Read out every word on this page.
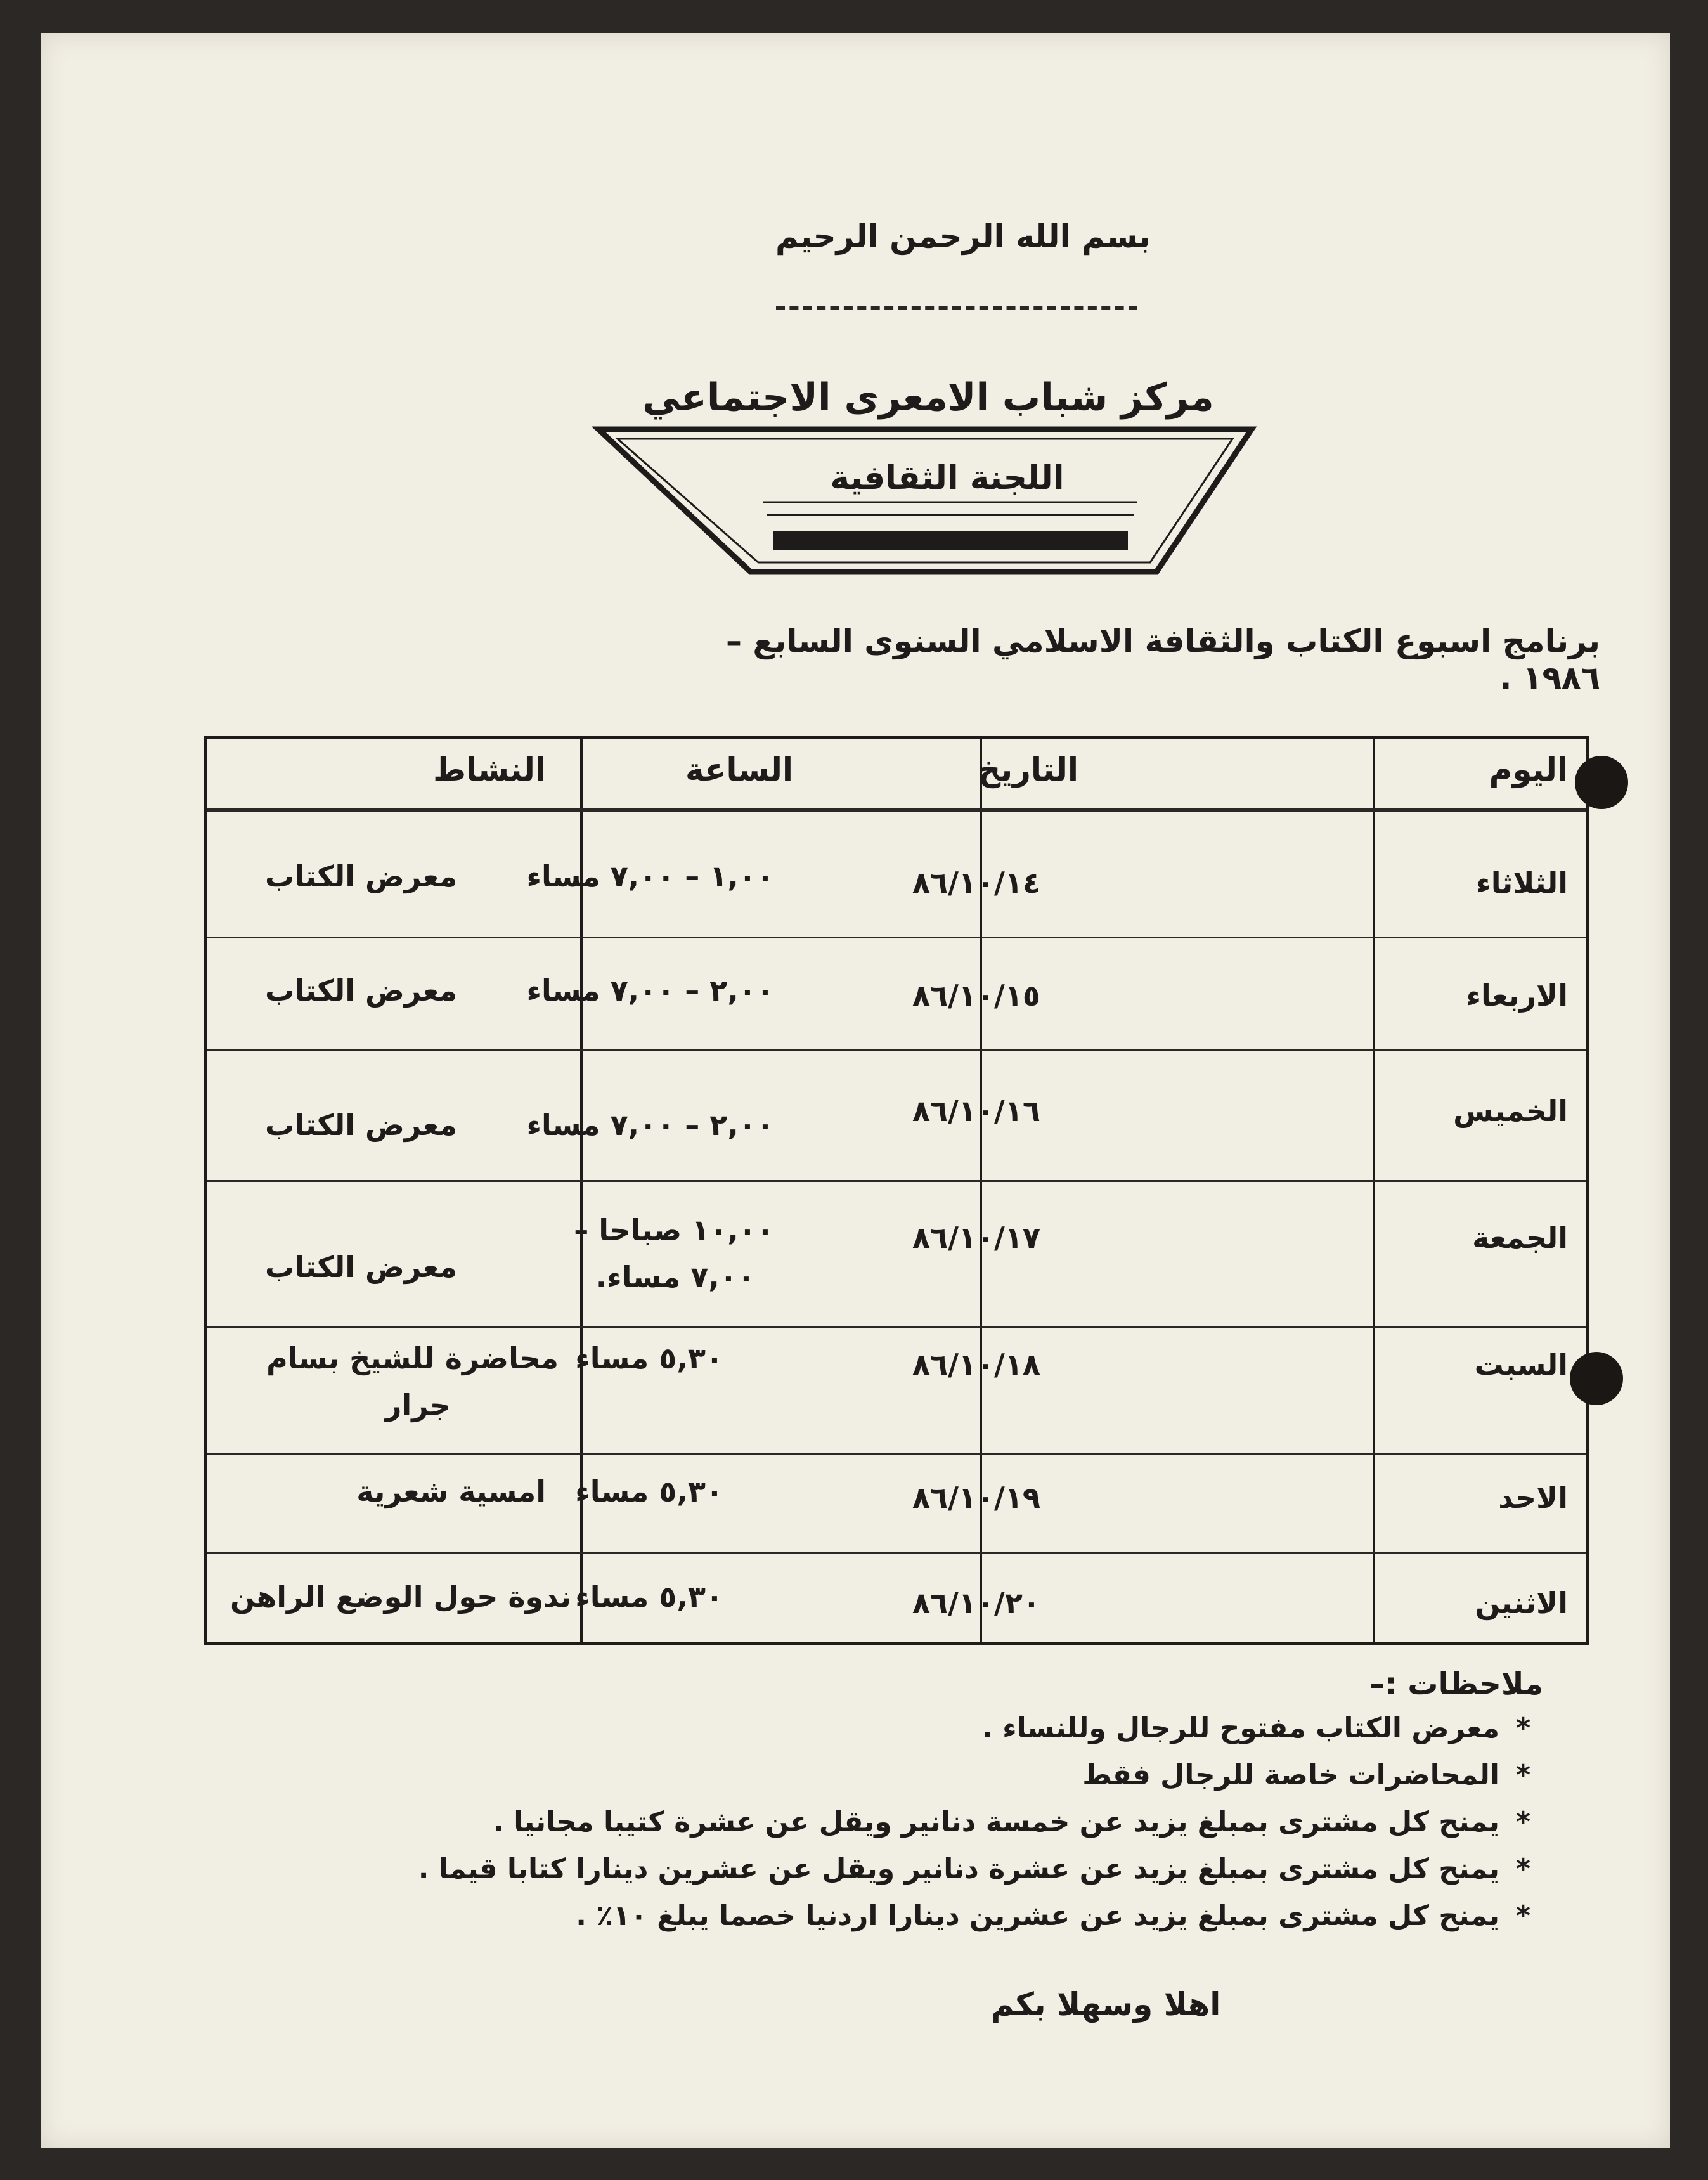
بسم الله الرحمن الرحيم
مركز شباب الامعرى الاجتماعي
اللجنة الثقافية
برنامج اسبوع الكتاب والثقافة الاسلامي السنوى السابع – ١٩٨٦ .
اليوم
التاريخ
الساعة
النشاط
الثلاثاء
٨٦/١٠/١٤
١,٠٠ – ٧,٠٠ مساء
معرض الكتاب
الاربعاء
٨٦/١٠/١٥
٢,٠٠ – ٧,٠٠ مساء
معرض الكتاب
الخميس
٨٦/١٠/١٦
٢,٠٠ – ٧,٠٠ مساء
معرض الكتاب
الجمعة
٨٦/١٠/١٧
١٠,٠٠ صباحا –
٧,٠٠ مساء.
معرض الكتاب
السبت
٨٦/١٠/١٨
٥,٣٠ مساء
محاضرة للشيخ بسام
جرار
الاحد
٨٦/١٠/١٩
٥,٣٠ مساء
امسية شعرية
الاثنين
٨٦/١٠/٢٠
٥,٣٠ مساء
ندوة حول الوضع الراهن
ملاحظات :–
*معرض الكتاب مفتوح للرجال وللنساء .
*المحاضرات خاصة للرجال فقط
*يمنح كل مشترى بمبلغ يزيد عن خمسة دنانير ويقل عن عشرة كتيبا مجانيا .
*يمنح كل مشترى بمبلغ يزيد عن عشرة دنانير ويقل عن عشرين دينارا كتابا قيما .
*يمنح كل مشترى بمبلغ يزيد عن عشرين دينارا اردنيا خصما يبلغ ١٠٪ .
اهلا وسهلا بكم
